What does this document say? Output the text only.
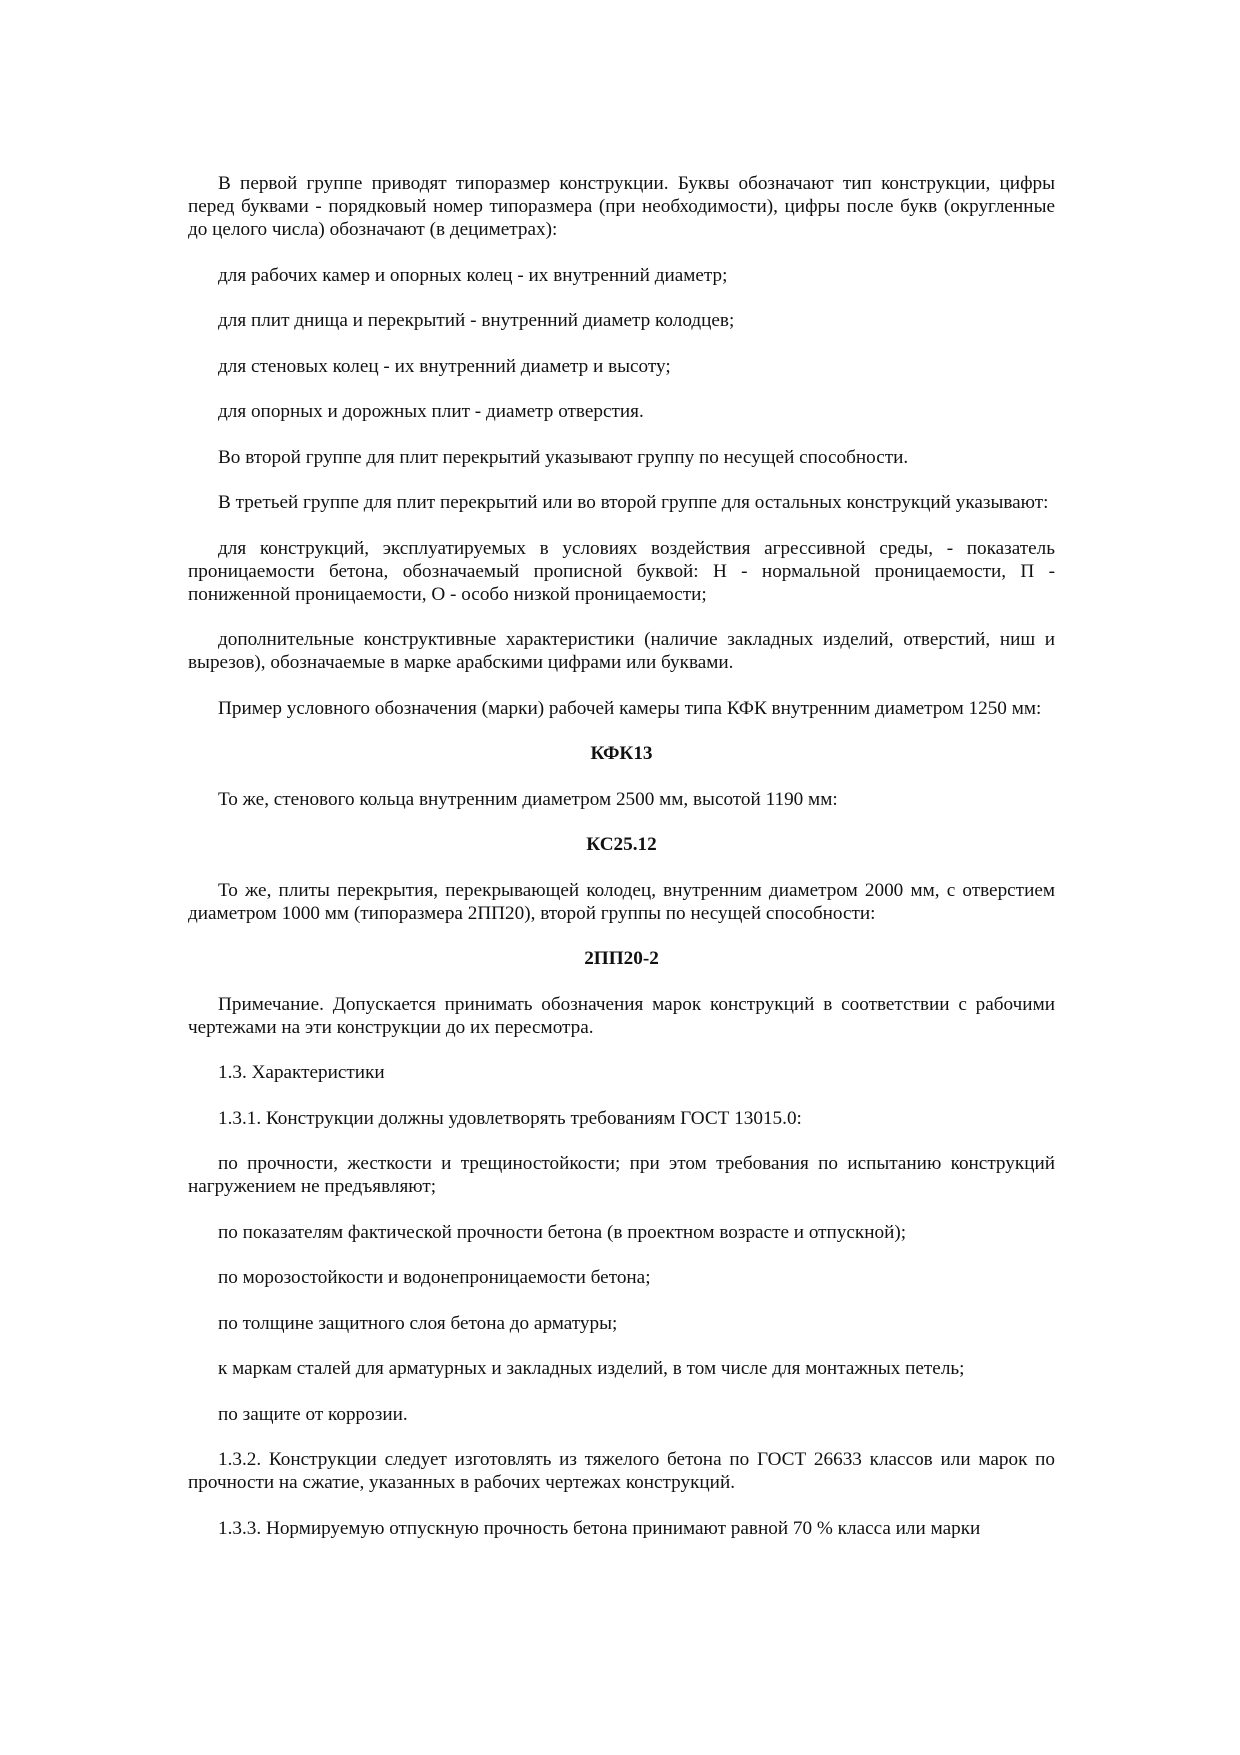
В первой группе приводят типоразмер конструкции. Буквы обозначают тип конструкции, цифры перед буквами - порядковый номер типоразмера (при необходимости), цифры после букв (округленные до целого числа) обозначают (в дециметрах):

для рабочих камер и опорных колец - их внутренний диаметр;

для плит днища и перекрытий - внутренний диаметр колодцев;

для стеновых колец - их внутренний диаметр и высоту;

для опорных и дорожных плит - диаметр отверстия.

Во второй группе для плит перекрытий указывают группу по несущей способности.

В третьей группе для плит перекрытий или во второй группе для остальных конструкций указывают:

для конструкций, эксплуатируемых в условиях воздействия агрессивной среды, - показатель проницаемости бетона, обозначаемый прописной буквой: Н - нормальной проницаемости, П - пониженной проницаемости, О - особо низкой проницаемости;

дополнительные конструктивные характеристики (наличие закладных изделий, отверстий, ниш и вырезов), обозначаемые в марке арабскими цифрами или буквами.

Пример условного обозначения (марки) рабочей камеры типа КФК внутренним диаметром 1250 мм:

КФК13

То же, стенового кольца внутренним диаметром 2500 мм, высотой 1190 мм:

КС25.12

То же, плиты перекрытия, перекрывающей колодец, внутренним диаметром 2000 мм, с отверстием диаметром 1000 мм (типоразмера 2ПП20), второй группы по несущей способности:

2ПП20-2

Примечание. Допускается принимать обозначения марок конструкций в соответствии с рабочими чертежами на эти конструкции до их пересмотра.

1.3. Характеристики

1.3.1. Конструкции должны удовлетворять требованиям ГОСТ 13015.0:

по прочности, жесткости и трещиностойкости; при этом требования по испытанию конструкций нагружением не предъявляют;

по показателям фактической прочности бетона (в проектном возрасте и отпускной);

по морозостойкости и водонепроницаемости бетона;

по толщине защитного слоя бетона до арматуры;

к маркам сталей для арматурных и закладных изделий, в том числе для монтажных петель;

по защите от коррозии.

1.3.2. Конструкции следует изготовлять из тяжелого бетона по ГОСТ 26633 классов или марок по прочности на сжатие, указанных в рабочих чертежах конструкций.

1.3.3. Нормируемую отпускную прочность бетона принимают равной 70 % класса или марки
